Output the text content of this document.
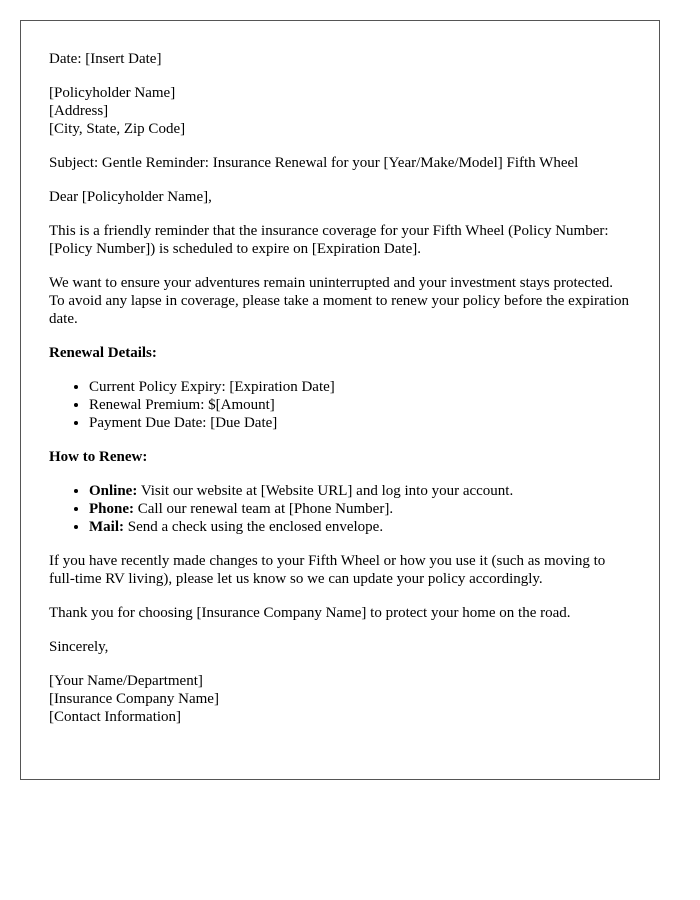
Date: [Insert Date]

[Policyholder Name]
[Address]
[City, State, Zip Code]

Subject: Gentle Reminder: Insurance Renewal for your [Year/Make/Model] Fifth Wheel

Dear [Policyholder Name],

This is a friendly reminder that the insurance coverage for your Fifth Wheel (Policy Number: [Policy Number]) is scheduled to expire on [Expiration Date].

We want to ensure your adventures remain uninterrupted and your investment stays protected. To avoid any lapse in coverage, please take a moment to renew your policy before the expiration date.

Renewal Details:

• Current Policy Expiry: [Expiration Date]
• Renewal Premium: $[Amount]
• Payment Due Date: [Due Date]

How to Renew:

• Online: Visit our website at [Website URL] and log into your account.
• Phone: Call our renewal team at [Phone Number].
• Mail: Send a check using the enclosed envelope.

If you have recently made changes to your Fifth Wheel or how you use it (such as moving to full-time RV living), please let us know so we can update your policy accordingly.

Thank you for choosing [Insurance Company Name] to protect your home on the road.

Sincerely,

[Your Name/Department]
[Insurance Company Name]
[Contact Information]
